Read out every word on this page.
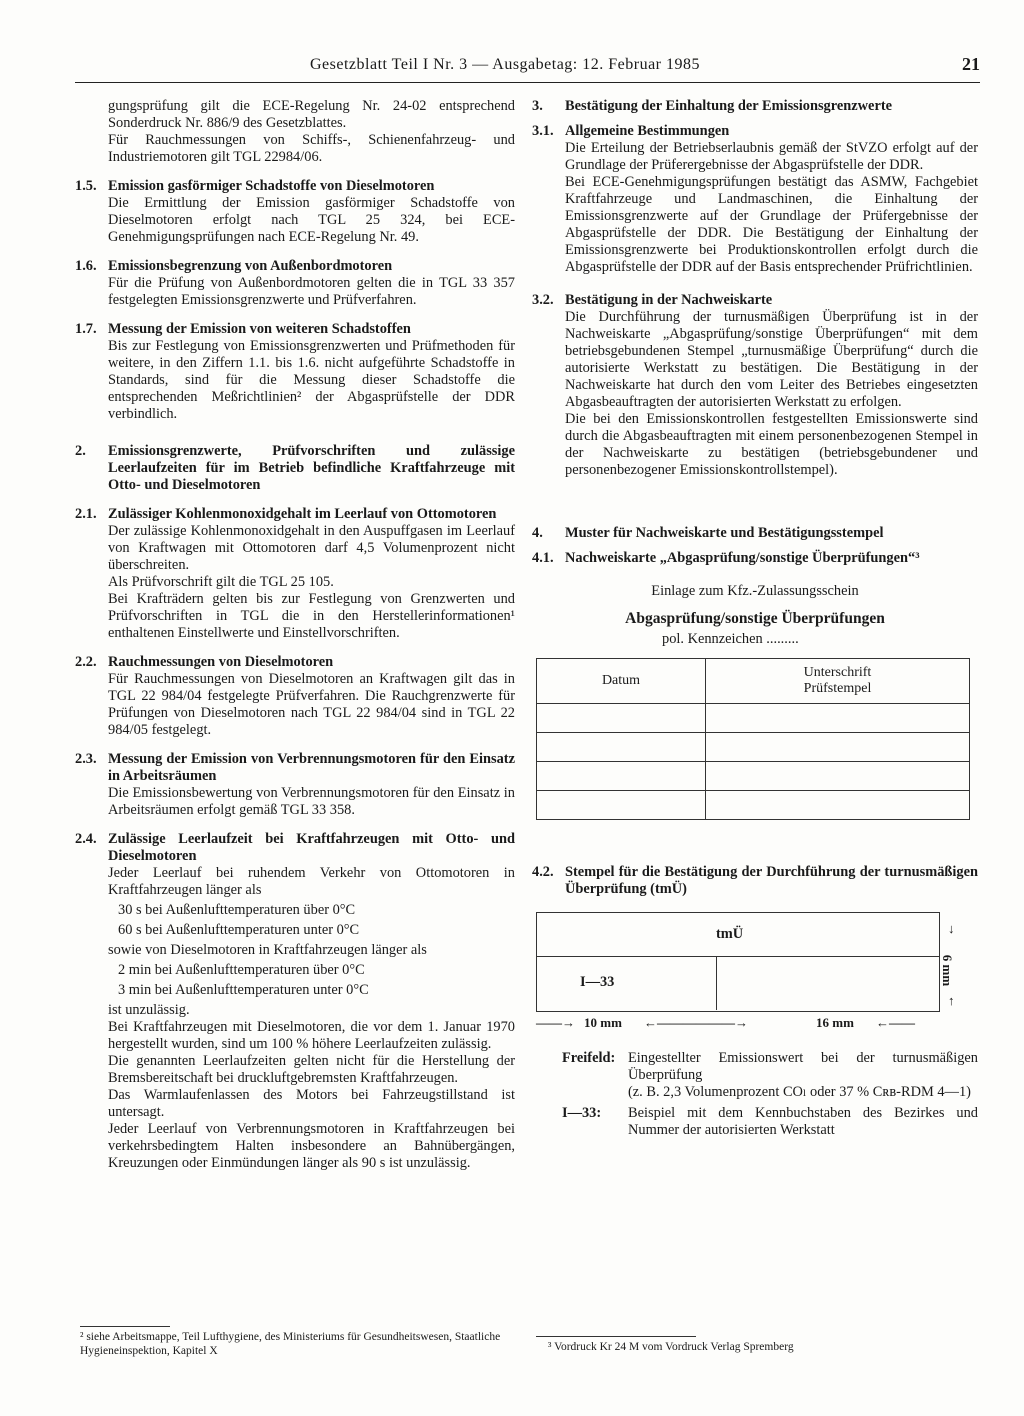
Gesetzblatt Teil I Nr. 3 — Ausgabetag: 12. Februar 1985	21

gungsprüfung gilt die ECE-Regelung Nr. 24-02 entsprechend Sonderdruck Nr. 886/9 des Gesetzblattes.

Für Rauchmessungen von Schiffs-, Schienenfahrzeug- und Industriemotoren gilt TGL 22984/06.

1.5. Emission gasförmiger Schadstoffe von Dieselmotoren

Die Ermittlung der Emission gasförmiger Schadstoffe von Dieselmotoren erfolgt nach TGL 25 324, bei ECE-Genehmigungsprüfungen nach ECE-Regelung Nr. 49.

1.6. Emissionsbegrenzung von Außenbordmotoren

Für die Prüfung von Außenbordmotoren gelten die in TGL 33 357 festgelegten Emissionsgrenzwerte und Prüfverfahren.

1.7. Messung der Emission von weiteren Schadstoffen

Bis zur Festlegung von Emissionsgrenzwerten und Prüfmethoden für weitere, in den Ziffern 1.1. bis 1.6. nicht aufgeführte Schadstoffe in Standards, sind für die Messung dieser Schadstoffe die entsprechenden Meßrichtlinien² der Abgasprüfstelle der DDR verbindlich.

2.	Emissionsgrenzwerte, Prüfvorschriften und zulässige Leerlaufzeiten für im Betrieb befindliche Kraftfahrzeuge mit Otto- und Dieselmotoren

2.1. Zulässiger Kohlenmonoxidgehalt im Leerlauf von Ottomotoren

Der zulässige Kohlenmonoxidgehalt in den Auspuffgasen im Leerlauf von Kraftwagen mit Ottomotoren darf 4,5 Volumenprozent nicht überschreiten.

Als Prüfvorschrift gilt die TGL 25 105.

Bei Krafträdern gelten bis zur Festlegung von Grenzwerten und Prüfvorschriften in TGL die in den Herstellerinformationen¹ enthaltenen Einstellwerte und Einstellvorschriften.

2.2. Rauchmessungen von Dieselmotoren

Für Rauchmessungen von Dieselmotoren an Kraftwagen gilt das in TGL 22 984/04 festgelegte Prüfverfahren. Die Rauchgrenzwerte für Prüfungen von Dieselmotoren nach TGL 22 984/04 sind in TGL 22 984/05 festgelegt.

2.3. Messung der Emission von Verbrennungsmotoren für den Einsatz in Arbeitsräumen

Die Emissionsbewertung von Verbrennungsmotoren für den Einsatz in Arbeitsräumen erfolgt gemäß TGL 33 358.

2.4. Zulässige Leerlaufzeit bei Kraftfahrzeugen mit Otto- und Dieselmotoren

Jeder Leerlauf bei ruhendem Verkehr von Ottomotoren in Kraftfahrzeugen länger als

30 s bei Außenlufttemperaturen über 0°C
60 s bei Außenlufttemperaturen unter 0°C

sowie von Dieselmotoren in Kraftfahrzeugen länger als

2 min bei Außenlufttemperaturen über 0°C
3 min bei Außenlufttemperaturen unter 0°C

ist unzulässig.

Bei Kraftfahrzeugen mit Dieselmotoren, die vor dem 1. Januar 1970 hergestellt wurden, sind um 100 % höhere Leerlaufzeiten zulässig.

Die genannten Leerlaufzeiten gelten nicht für die Herstellung der Bremsbereitschaft bei druckluftgebremsten Kraftfahrzeugen.

Das Warmlaufenlassen des Motors bei Fahrzeugstillstand ist untersagt.

Jeder Leerlauf von Verbrennungsmotoren in Kraftfahrzeugen bei verkehrsbedingtem Halten insbesondere an Bahnübergängen, Kreuzungen oder Einmündungen länger als 90 s ist unzulässig.

² siehe Arbeitsmappe, Teil Lufthygiene, des Ministeriums für Gesundheitswesen, Staatliche Hygieneinspektion, Kapitel X
3.	Bestätigung der Einhaltung der Emissionsgrenzwerte
3.1. Allgemeine Bestimmungen

Die Erteilung der Betriebserlaubnis gemäß der StVZO erfolgt auf der Grundlage der Prüferergebnisse der Abgasprüfstelle der DDR.

Bei ECE-Genehmigungsprüfungen bestätigt das ASMW, Fachgebiet Kraftfahrzeuge und Landmaschinen, die Einhaltung der Emissionsgrenzwerte auf der Grundlage der Prüfergebnisse der Abgasprüfstelle der DDR. Die Bestätigung der Einhaltung der Emissionsgrenzwerte bei Produktionskontrollen erfolgt durch die Abgasprüfstelle der DDR auf der Basis entsprechender Prüfrichtlinien.

3.2. Bestätigung in der Nachweiskarte

Die Durchführung der turnusmäßigen Überprüfung ist in der Nachweiskarte „Abgasprüfung/sonstige Überprüfungen“ mit dem betriebsgebundenen Stempel „turnusmäßige Überprüfung“ durch die autorisierte Werkstatt zu bestätigen. Die Bestätigung in der Nachweiskarte hat durch den vom Leiter des Betriebes eingesetzten Abgasbeauftragten der autorisierten Werkstatt zu erfolgen.

Die bei den Emissionskontrollen festgestellten Emissionswerte sind durch die Abgasbeauftragten mit einem personenbezogenen Stempel in der Nachweiskarte zu bestätigen (betriebsgebundener und personenbezogener Emissionskontrollstempel).

4.	Muster für Nachweiskarte und Bestätigungsstempel
4.1. Nachweiskarte „Abgasprüfung/sonstige Überprüfungen“³
Einlage zum Kfz.-Zulassungsschein
Abgasprüfung/sonstige Überprüfungen
pol. Kennzeichen .........
Datum	Unterschrift
Prüfstempel

4.2. Stempel für die Bestätigung der Durchführung der turnusmäßigen Überprüfung (tmÜ)

tmÜ
I—33
↓
6 mm
↑
——→ 10 mm ←——————→	16 mm ←——
Freifeld: Eingestellter Emissionswert bei der turnusmäßigen Überprüfung

(z. B. 2,3 Volumenprozent COₗ oder 37 % Cʀʙ-RDM 4—1)

I—33:	Beispiel mit dem Kennbuchstaben des Bezirkes und Nummer der autorisierten Werkstatt

³ Vordruck Kr 24 M vom Vordruck Verlag Spremberg
